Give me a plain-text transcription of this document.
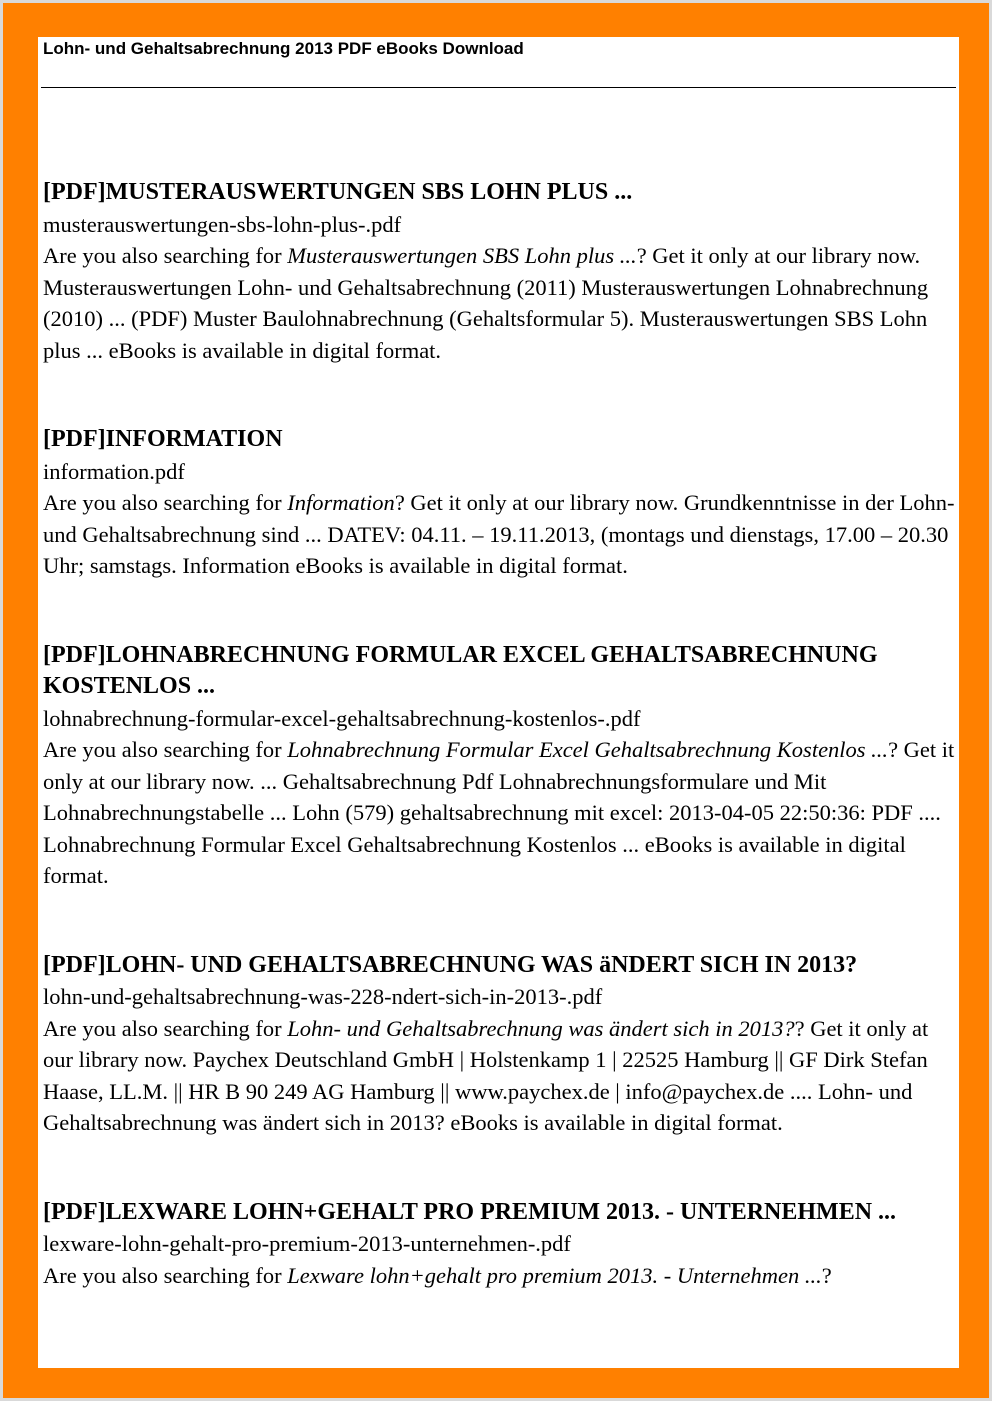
Lohn- und Gehaltsabrechnung 2013 PDF eBooks Download
[PDF]MUSTERAUSWERTUNGEN SBS LOHN PLUS ...
musterauswertungen-sbs-lohn-plus-.pdf
Are you also searching for Musterauswertungen SBS Lohn plus ...? Get it only at our library now. Musterauswertungen Lohn- und Gehaltsabrechnung (2011) Musterauswertungen Lohnabrechnung (2010) ... (PDF) Muster Baulohnabrechnung (Gehaltsformular 5). Musterauswertungen SBS Lohn plus ... eBooks is available in digital format.
[PDF]INFORMATION
information.pdf
Are you also searching for Information? Get it only at our library now. Grundkenntnisse in der Lohn- und Gehaltsabrechnung sind ... DATEV: 04.11. – 19.11.2013, (montags und dienstags, 17.00 – 20.30 Uhr; samstags. Information eBooks is available in digital format.
[PDF]LOHNABRECHNUNG FORMULAR EXCEL GEHALTSABRECHNUNG KOSTENLOS ...
lohnabrechnung-formular-excel-gehaltsabrechnung-kostenlos-.pdf
Are you also searching for Lohnabrechnung Formular Excel Gehaltsabrechnung Kostenlos ...? Get it only at our library now. ... Gehaltsabrechnung Pdf Lohnabrechnungsformulare und Mit Lohnabrechnungstabelle ... Lohn (579) gehaltsabrechnung mit excel: 2013-04-05 22:50:36: PDF .... Lohnabrechnung Formular Excel Gehaltsabrechnung Kostenlos ... eBooks is available in digital format.
[PDF]LOHN- UND GEHALTSABRECHNUNG WAS äNDERT SICH IN 2013?
lohn-und-gehaltsabrechnung-was-228-ndert-sich-in-2013-.pdf
Are you also searching for Lohn- und Gehaltsabrechnung was ändert sich in 2013?? Get it only at our library now. Paychex Deutschland GmbH | Holstenkamp 1 | 22525 Hamburg || GF Dirk Stefan Haase, LL.M. || HR B 90 249 AG Hamburg || www.paychex.de | info@paychex.de .... Lohn- und Gehaltsabrechnung was ändert sich in 2013? eBooks is available in digital format.
[PDF]LEXWARE LOHN+GEHALT PRO PREMIUM 2013. - UNTERNEHMEN ...
lexware-lohn-gehalt-pro-premium-2013-unternehmen-.pdf
Are you also searching for Lexware lohn+gehalt pro premium 2013. - Unternehmen ...?
